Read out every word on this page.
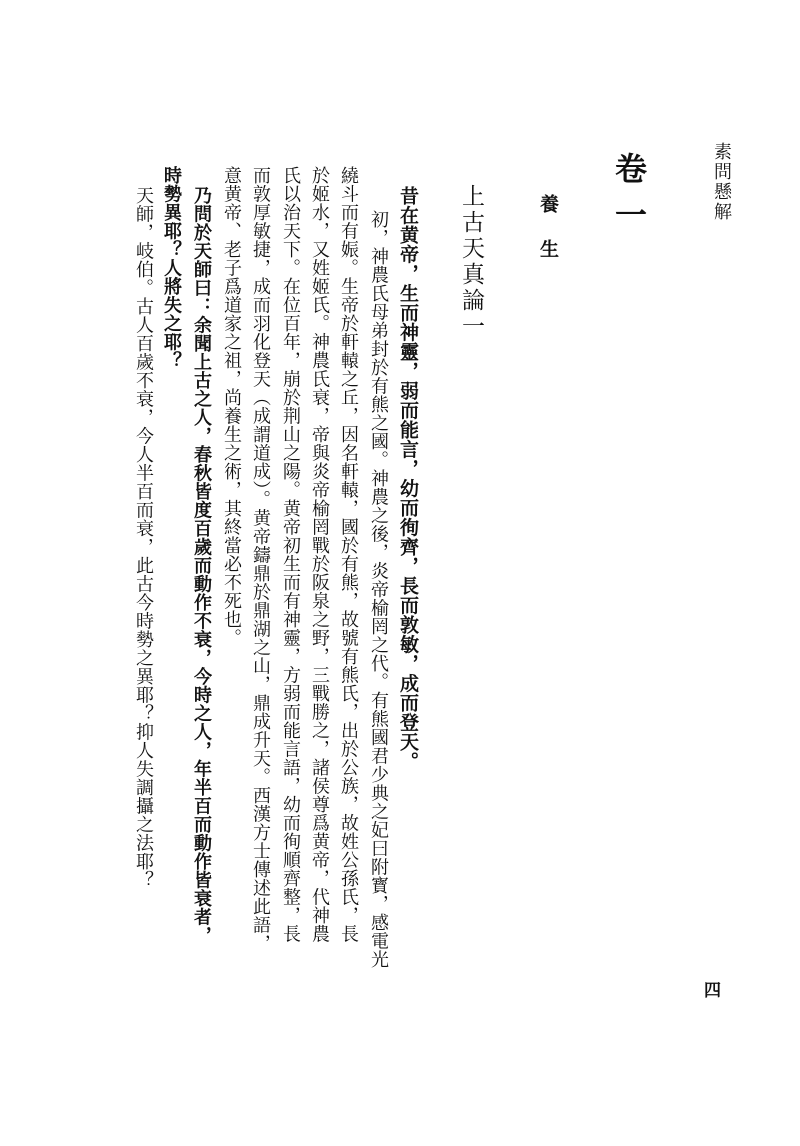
素問懸解
四
卷一
養生
上古天真論一
昔在黄帝，生而神靈，弱而能言，幼而徇齊，長而敦敏，成而登天。
初，神農氏母弟封於有熊之國。神農之後，炎帝榆罔之代。有熊國君少典之妃曰附寳，感電光
繞斗而有娠。生帝於軒轅之丘，因名軒轅，國於有熊，故號有熊氏，出於公族，故姓公孫氏，長
於姬水，又姓姬氏。神農氏衰，帝與炎帝榆罔戰於阪泉之野，三戰勝之，諸侯尊爲黄帝，代神農
氏以治天下。在位百年，崩於荆山之陽。黄帝初生而有神靈，方弱而能言語，幼而徇順齊整，長
而敦厚敏捷，成而羽化登天（成謂道成）。黄帝鑄鼎於鼎湖之山，鼎成升天。西漢方士傳述此語，
意黄帝、老子爲道家之祖，尚養生之術，其終當必不死也。
乃問於天師曰：余聞上古之人，春秋皆度百歲而動作不衰，今時之人，年半百而動作皆衰者，
時勢異耶？人將失之耶？
天師，岐伯。古人百歲不衰，今人半百而衰，此古今時勢之異耶？抑人失調攝之法耶？
